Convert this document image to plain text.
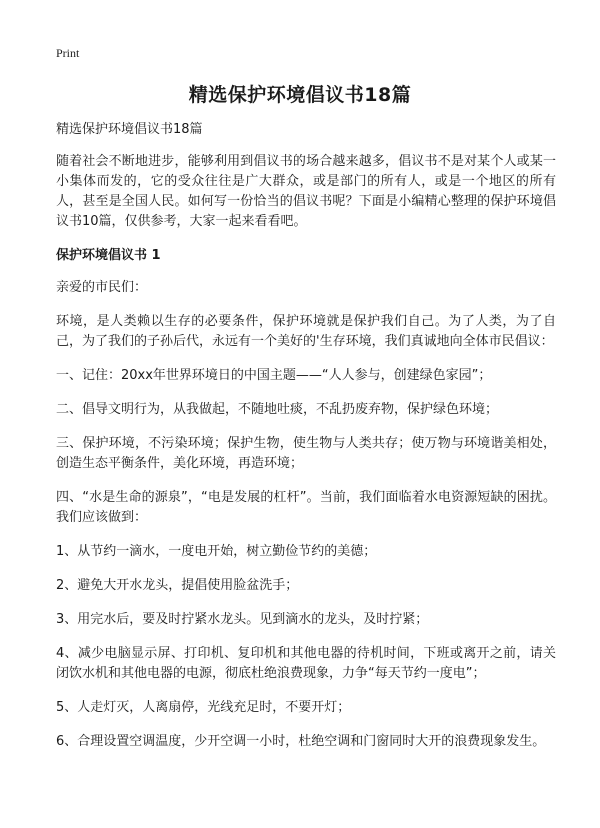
Print
精选保护环境倡议书18篇

精选保护环境倡议书18篇

随着社会不断地进步，能够利用到倡议书的场合越来越多，倡议书不是对某个人或某一小集体而发的，它的受众往往是广大群众，或是部门的所有人，或是一个地区的所有人，甚至是全国人民。如何写一份恰当的倡议书呢？下面是小编精心整理的保护环境倡议书10篇，仅供参考，大家一起来看看吧。

保护环境倡议书 1

亲爱的市民们：

环境，是人类赖以生存的必要条件，保护环境就是保护我们自己。为了人类，为了自己，为了我们的子孙后代，永远有一个美好的'生存环境，我们真诚地向全体市民倡议：

一、记住：20xx年世界环境日的中国主题——“人人参与，创建绿色家园”；

二、倡导文明行为，从我做起，不随地吐痰，不乱扔废弃物，保护绿色环境；

三、保护环境，不污染环境；保护生物，使生物与人类共存；使万物与环境谐美相处，创造生态平衡条件，美化环境，再造环境；

四、“水是生命的源泉”，“电是发展的杠杆”。当前，我们面临着水电资源短缺的困扰。我们应该做到：

1、从节约一滴水，一度电开始，树立勤俭节约的美德；

2、避免大开水龙头，提倡使用脸盆洗手；

3、用完水后，要及时拧紧水龙头。见到滴水的龙头，及时拧紧；

4、减少电脑显示屏、打印机、复印机和其他电器的待机时间，下班或离开之前，请关闭饮水机和其他电器的电源，彻底杜绝浪费现象，力争“每天节约一度电”；

5、人走灯灭，人离扇停，光线充足时，不要开灯；

6、合理设置空调温度，少开空调一小时，杜绝空调和门窗同时大开的浪费现象发生。
